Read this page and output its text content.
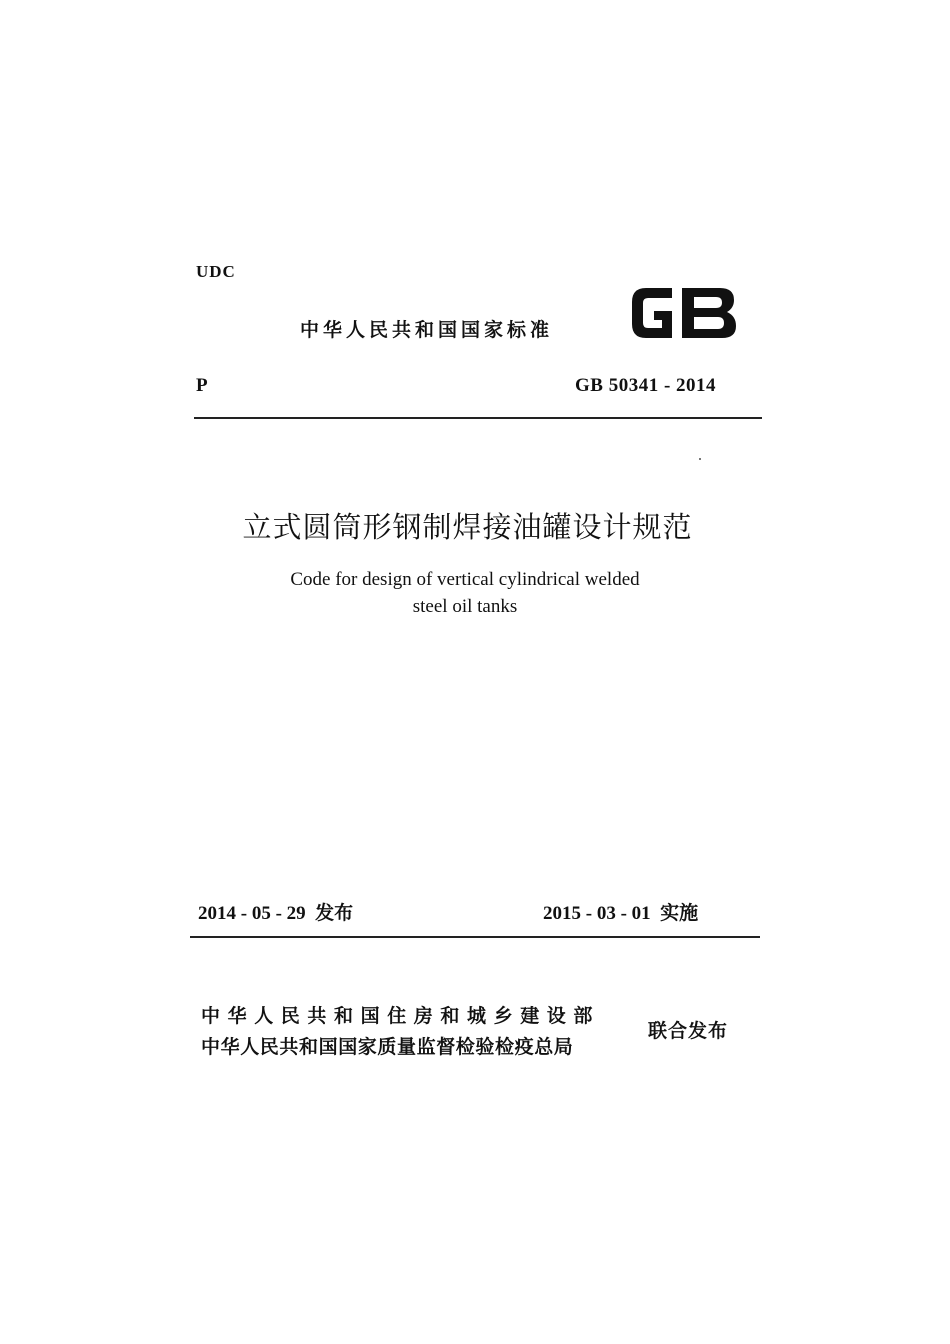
UDC
中华人民共和国国家标准
P	GB 50341 - 2014
立式圆筒形钢制焊接油罐设计规范
Code for design of vertical cylindrical welded
steel oil tanks
2014 - 05 - 29  发布	2015 - 03 - 01  实施
中华人民共和国住房和城乡建设部
中华人民共和国国家质量监督检验检疫总局
联合发布
